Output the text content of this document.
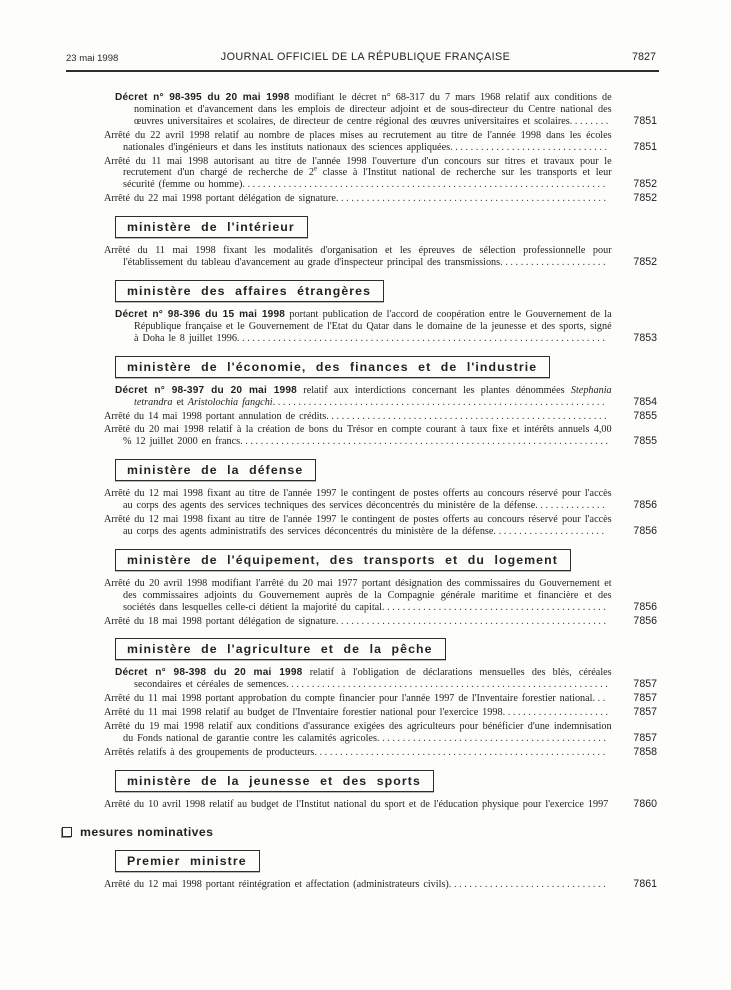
23 mai 1998	JOURNAL OFFICIEL DE LA RÉPUBLIQUE FRANÇAISE	7827

Décret n° 98-395 du 20 mai 1998 modifiant le décret n° 68-317 du 7 mars 1968 relatif aux conditions de nomination et d'avancement dans les emplois de directeur adjoint et de sous-directeur du Centre national des œuvres universitaires et scolaires, de directeur de centre régional des œuvres universitaires et scolaires........	7851

Arrêté du 22 avril 1998 relatif au nombre de places mises au recrutement au titre de l'année 1998 dans les écoles nationales d'ingénieurs et dans les instituts nationaux des sciences appliquées...............................	7851

Arrêté du 11 mai 1998 autorisant au titre de l'année 1998 l'ouverture d'un concours sur titres et travaux pour le recrutement d'un chargé de recherche de 2e classe à l'Institut national de recherche sur les transports et leur sécurité (femme ou homme).......................................................................	7852

Arrêté du 22 mai 1998 portant délégation de signature.....................................................	7852
ministère de l'intérieur

Arrêté du 11 mai 1998 fixant les modalités d'organisation et les épreuves de sélection professionnelle pour l'établissement du tableau d'avancement au grade d'inspecteur principal des transmissions.....................	7852
ministère des affaires étrangères

Décret n° 98-396 du 15 mai 1998 portant publication de l'accord de coopération entre le Gouvernement de la République française et le Gouvernement de l'Etat du Qatar dans le domaine de la jeunesse et des sports, signé à Doha le 8 juillet 1996........................................................................	7853
ministère de l'économie, des finances et de l'industrie

Décret n° 98-397 du 20 mai 1998 relatif aux interdictions concernant les plantes dénommées Stephania tetrandra et Aristolochia fangchi.................................................................	7854

Arrêté du 14 mai 1998 portant annulation de crédits.......................................................	7855

Arrêté du 20 mai 1998 relatif à la création de bons du Trésor en compte courant à taux fixe et intérêts annuels 4,00 % 12 juillet 2000 en francs........................................................................	7855
ministère de la défense

Arrêté du 12 mai 1998 fixant au titre de l'année 1997 le contingent de postes offerts au concours réservé pour l'accès au corps des agents des services techniques des services déconcentrés du ministère de la défense..............	7856

Arrêté du 12 mai 1998 fixant au titre de l'année 1997 le contingent de postes offerts au concours réservé pour l'accès au corps des agents administratifs des services déconcentrés du ministère de la défense......................	7856
ministère de l'équipement, des transports et du logement

Arrêté du 20 avril 1998 modifiant l'arrêté du 20 mai 1977 portant désignation des commissaires du Gouvernement et des commissaires adjoints du Gouvernement auprès de la Compagnie générale maritime et financière et des sociétés dans lesquelles celle-ci détient la majorité du capital............................................	7856

Arrêté du 18 mai 1998 portant délégation de signature.....................................................	7856
ministère de l'agriculture et de la pêche

Décret n° 98-398 du 20 mai 1998 relatif à l'obligation de déclarations mensuelles des blés, céréales secondaires et céréales de semences...............................................................	7857

Arrêté du 11 mai 1998 portant approbation du compte financier pour l'année 1997 de l'Inventaire forestier national...	7857

Arrêté du 11 mai 1998 relatif au budget de l'Inventaire forestier national pour l'exercice 1998.....................	7857

Arrêté du 19 mai 1998 relatif aux conditions d'assurance exigées des agriculteurs pour bénéficier d'une indemnisation du Fonds national de garantie contre les calamités agricoles.............................................	7857

Arrêtés relatifs à des groupements de producteurs.........................................................	7858
ministère de la jeunesse et des sports

Arrêté du 10 avril 1998 relatif au budget de l'Institut national du sport et de l'éducation physique pour l'exercice 1997	7860
mesures nominatives
Premier ministre

Arrêté du 12 mai 1998 portant réintégration et affectation (administrateurs civils)...............................	7861
